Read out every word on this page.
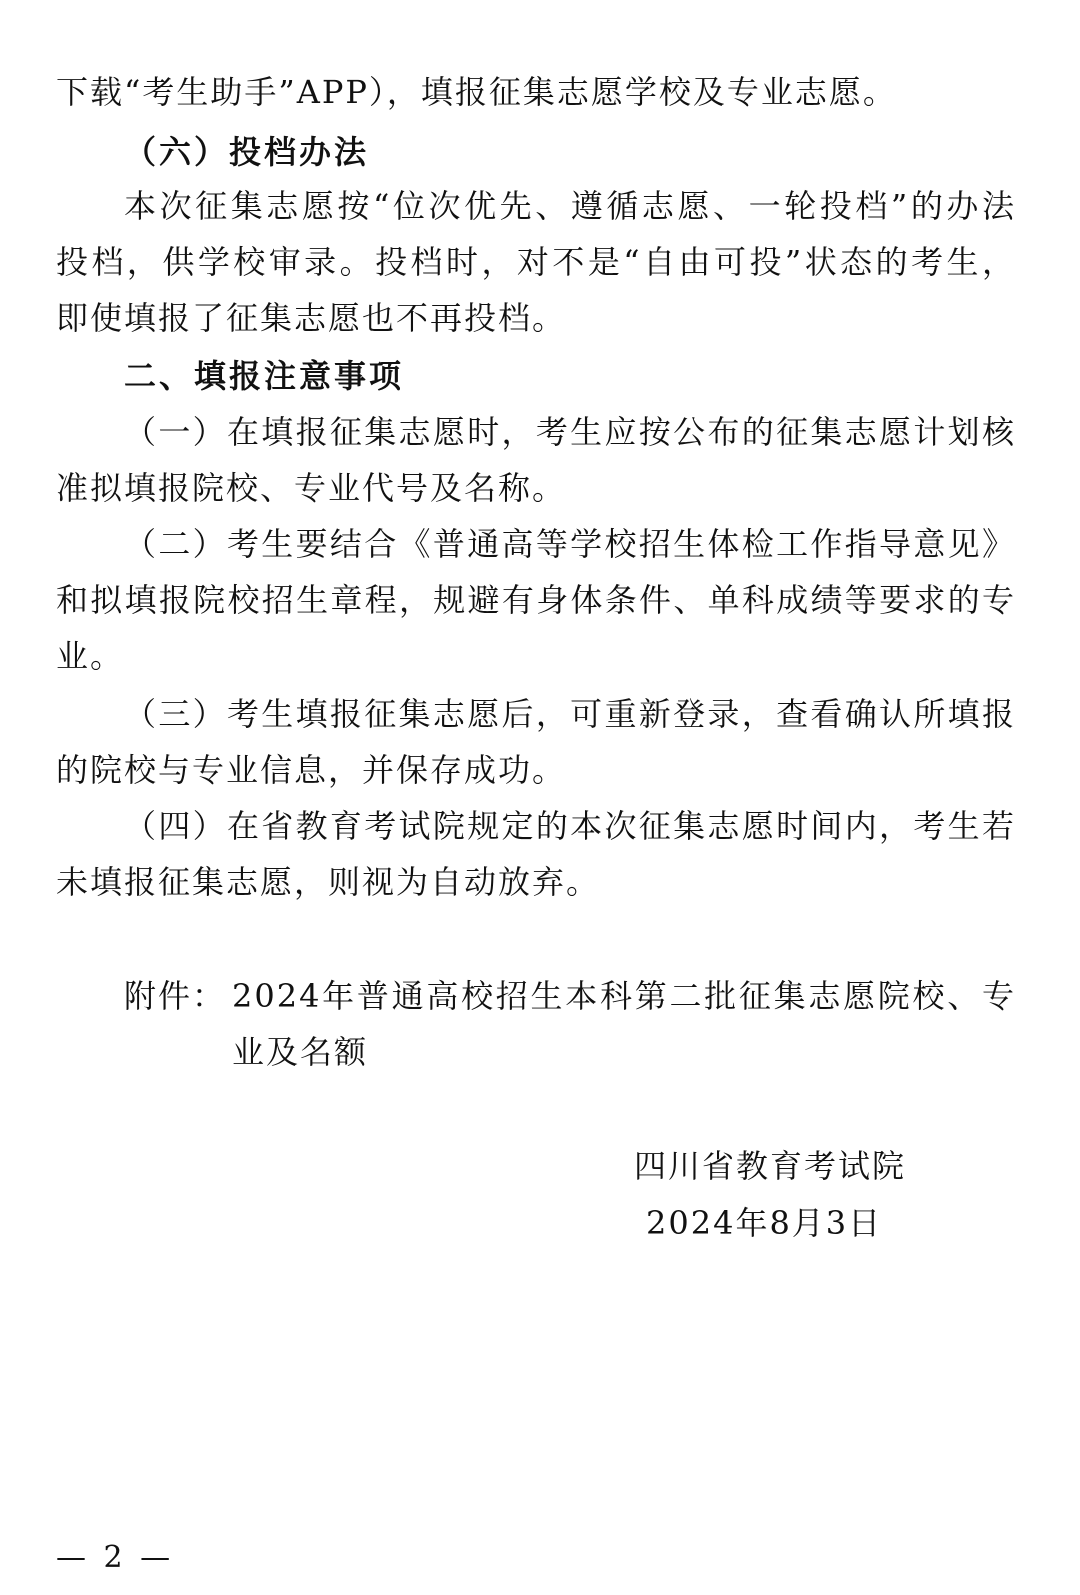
下载“考生助手”APP），填报征集志愿学校及专业志愿。
（六）投档办法
本次征集志愿按“位次优先、遵循志愿、一轮投档”的办法
投档，供学校审录。投档时，对不是“自由可投”状态的考生，
即使填报了征集志愿也不再投档。
二、填报注意事项
（一）在填报征集志愿时，考生应按公布的征集志愿计划核
准拟填报院校、专业代号及名称。
（二）考生要结合《普通高等学校招生体检工作指导意见》
和拟填报院校招生章程，规避有身体条件、单科成绩等要求的专
业。
（三）考生填报征集志愿后，可重新登录，查看确认所填报
的院校与专业信息，并保存成功。
（四）在省教育考试院规定的本次征集志愿时间内，考生若
未填报征集志愿，则视为自动放弃。
附件： 2024年普通高校招生本科第二批征集志愿院校、专
业及名额
四川省教育考试院
2024年8月3日
— 2 —
